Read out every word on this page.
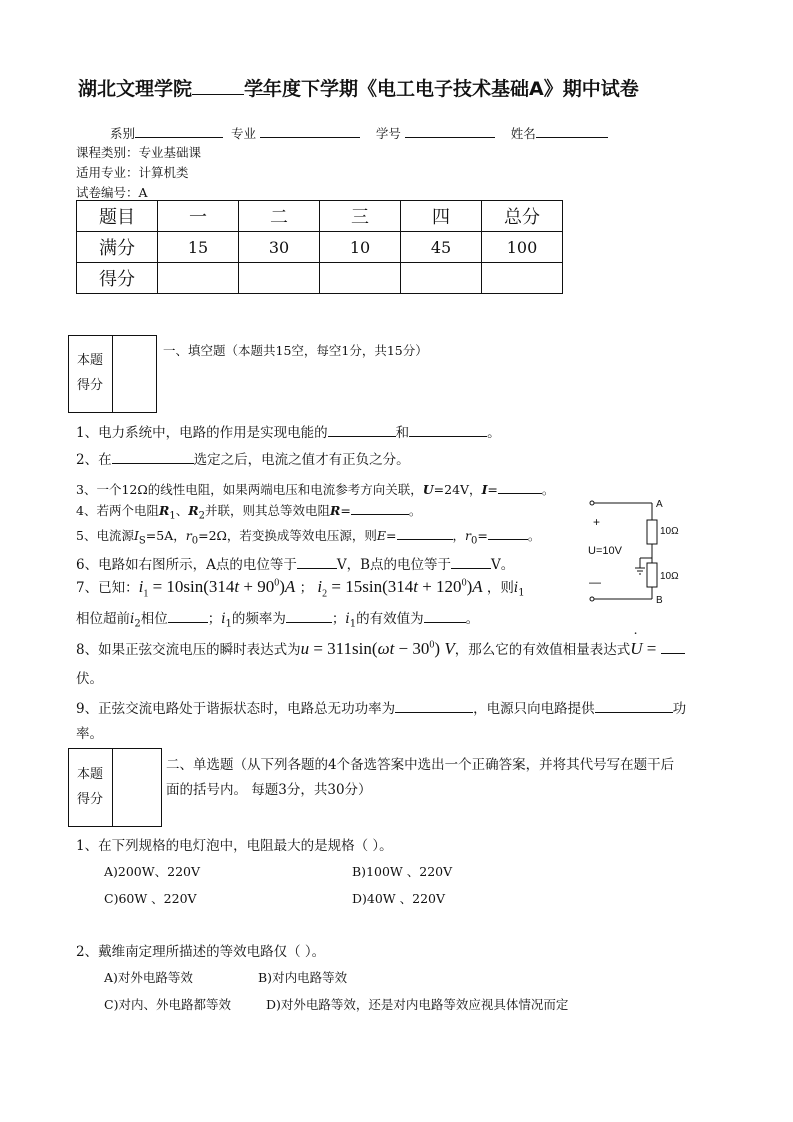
湖北文理学院	学年度下学期《电工电子技术基础A》期中试卷
系别	专业	学号	姓名
课程类别：专业基础课
适用专业：计算机类
试卷编号：A
题目	一	二	三	四	总分
满分	15	30	10	45	100
得分					
本题
得分
一、填空题（本题共15空，每空1分，共15分）
1、电力系统中，电路的作用是实现电能的	和	。
2、在	选定之后，电流之值才有正负之分。
3、一个12Ω的线性电阻，如果两端电压和电流参考方向关联，U=24V，I=	。
4、若两个电阻$R_1$、$R_2$并联，则其总等效电阻R=	。
5、电流源$I_S=5A$，$r_0=2\Omega$，若变换成等效电压源，则E=	，$r_0=$	。
6、电路如右图所示，A点的电位等于	V，B点的电位等于	V。
7、已知：$i_1 = 10\sin(314t + 90^0)A$ ； $i_2 = 15\sin(314t + 120^0)A$ ，则$i_1$
相位超前$i_2$相位	；$i_1$的频率为	；$i_1$的有效值为	。
8、如果正弦交流电压的瞬时表达式为$u = 311\sin(\omega t - 30^0)$ V，那么它的有效值相量表达式
·
U =
伏。
9、正弦交流电路处于谐振状态时，电路总无功功率为	，电源只向电路提供	功
率。
A
B
+
—
U=10V
10Ω
10Ω
本题
得分
二、单选题（从下列各题的4个备选答案中选出一个正确答案，并将其代号写在题干后
面的括号内。 每题3分，共30分）
1、在下列规格的电灯泡中，电阻最大的是规格（ ）。
A)200W、220V	B)100W 、220V
C)60W 、220V	D)40W 、220V
2、戴维南定理所描述的等效电路仅（ ）。
A)对外电路等效	B)对内电路等效
C)对内、外电路都等效	D)对外电路等效，还是对内电路等效应视具体情况而定
